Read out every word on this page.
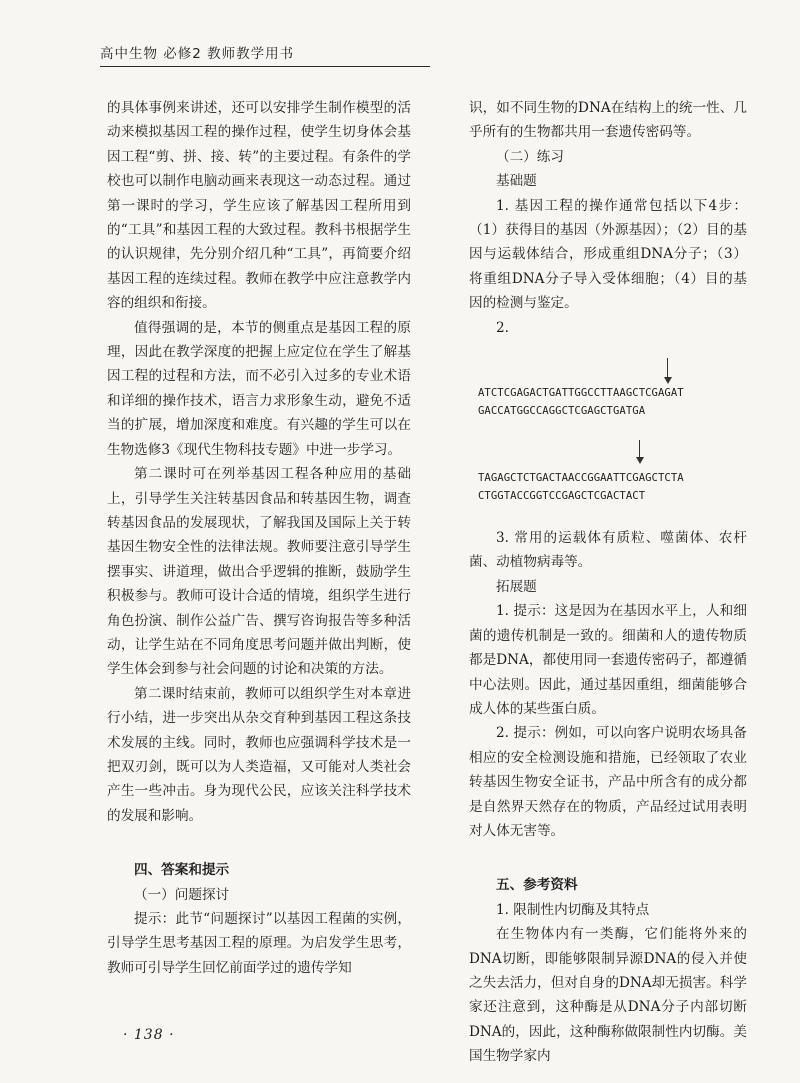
高中生物 必修2 教师教学用书

的具体事例来讲述，还可以安排学生制作模型的活动来模拟基因工程的操作过程，使学生切身体会基因工程“剪、拼、接、转”的主要过程。有条件的学校也可以制作电脑动画来表现这一动态过程。通过第一课时的学习，学生应该了解基因工程所用到的“工具”和基因工程的大致过程。教科书根据学生的认识规律，先分别介绍几种“工具”，再简要介绍基因工程的连续过程。教师在教学中应注意教学内容的组织和衔接。

值得强调的是，本节的侧重点是基因工程的原理，因此在教学深度的把握上应定位在学生了解基因工程的过程和方法，而不必引入过多的专业术语和详细的操作技术，语言力求形象生动，避免不适当的扩展，增加深度和难度。有兴趣的学生可以在生物选修3《现代生物科技专题》中进一步学习。

第二课时可在列举基因工程各种应用的基础上，引导学生关注转基因食品和转基因生物，调查转基因食品的发展现状，了解我国及国际上关于转基因生物安全性的法律法规。教师要注意引导学生摆事实、讲道理，做出合乎逻辑的推断，鼓励学生积极参与。教师可设计合适的情境，组织学生进行角色扮演、制作公益广告、撰写咨询报告等多种活动，让学生站在不同角度思考问题并做出判断，使学生体会到参与社会问题的讨论和决策的方法。

第二课时结束前，教师可以组织学生对本章进行小结，进一步突出从杂交育种到基因工程这条技术发展的主线。同时，教师也应强调科学技术是一把双刃剑，既可以为人类造福，又可能对人类社会产生一些冲击。身为现代公民，应该关注科学技术的发展和影响。

四、答案和提示

（一）问题探讨

提示：此节“问题探讨”以基因工程菌的实例，引导学生思考基因工程的原理。为启发学生思考，教师可引导学生回忆前面学过的遗传学知

识，如不同生物的DNA在结构上的统一性、几乎所有的生物都共用一套遗传密码等。

（二）练习

基础题

1. 基因工程的操作通常包括以下4步：（1）获得目的基因（外源基因）；（2）目的基因与运载体结合，形成重组DNA分子；（3）将重组DNA分子导入受体细胞；（4）目的基因的检测与鉴定。

2.

ATCTCGAGACTGATTGGCCTTAAGCTCGAGAT
GACCATGGCCAGGCTCGAGCTGATGA
TAGAGCTCTGACTAACCGGAATTCGAGCTCTA
CTGGTACCGGTCCGAGCTCGACTACT

3. 常用的运载体有质粒、噬菌体、农杆菌、动植物病毒等。

拓展题

1. 提示：这是因为在基因水平上，人和细菌的遗传机制是一致的。细菌和人的遗传物质都是DNA，都使用同一套遗传密码子，都遵循中心法则。因此，通过基因重组，细菌能够合成人体的某些蛋白质。

2. 提示：例如，可以向客户说明农场具备相应的安全检测设施和措施，已经领取了农业转基因生物安全证书，产品中所含有的成分都是自然界天然存在的物质，产品经过试用表明对人体无害等。

五、参考资料

1. 限制性内切酶及其特点

在生物体内有一类酶，它们能将外来的DNA切断，即能够限制异源DNA的侵入并使之失去活力，但对自身的DNA却无损害。科学家还注意到，这种酶是从DNA分子内部切断DNA的，因此，这种酶称做限制性内切酶。美国生物学家内

· 138 ·
